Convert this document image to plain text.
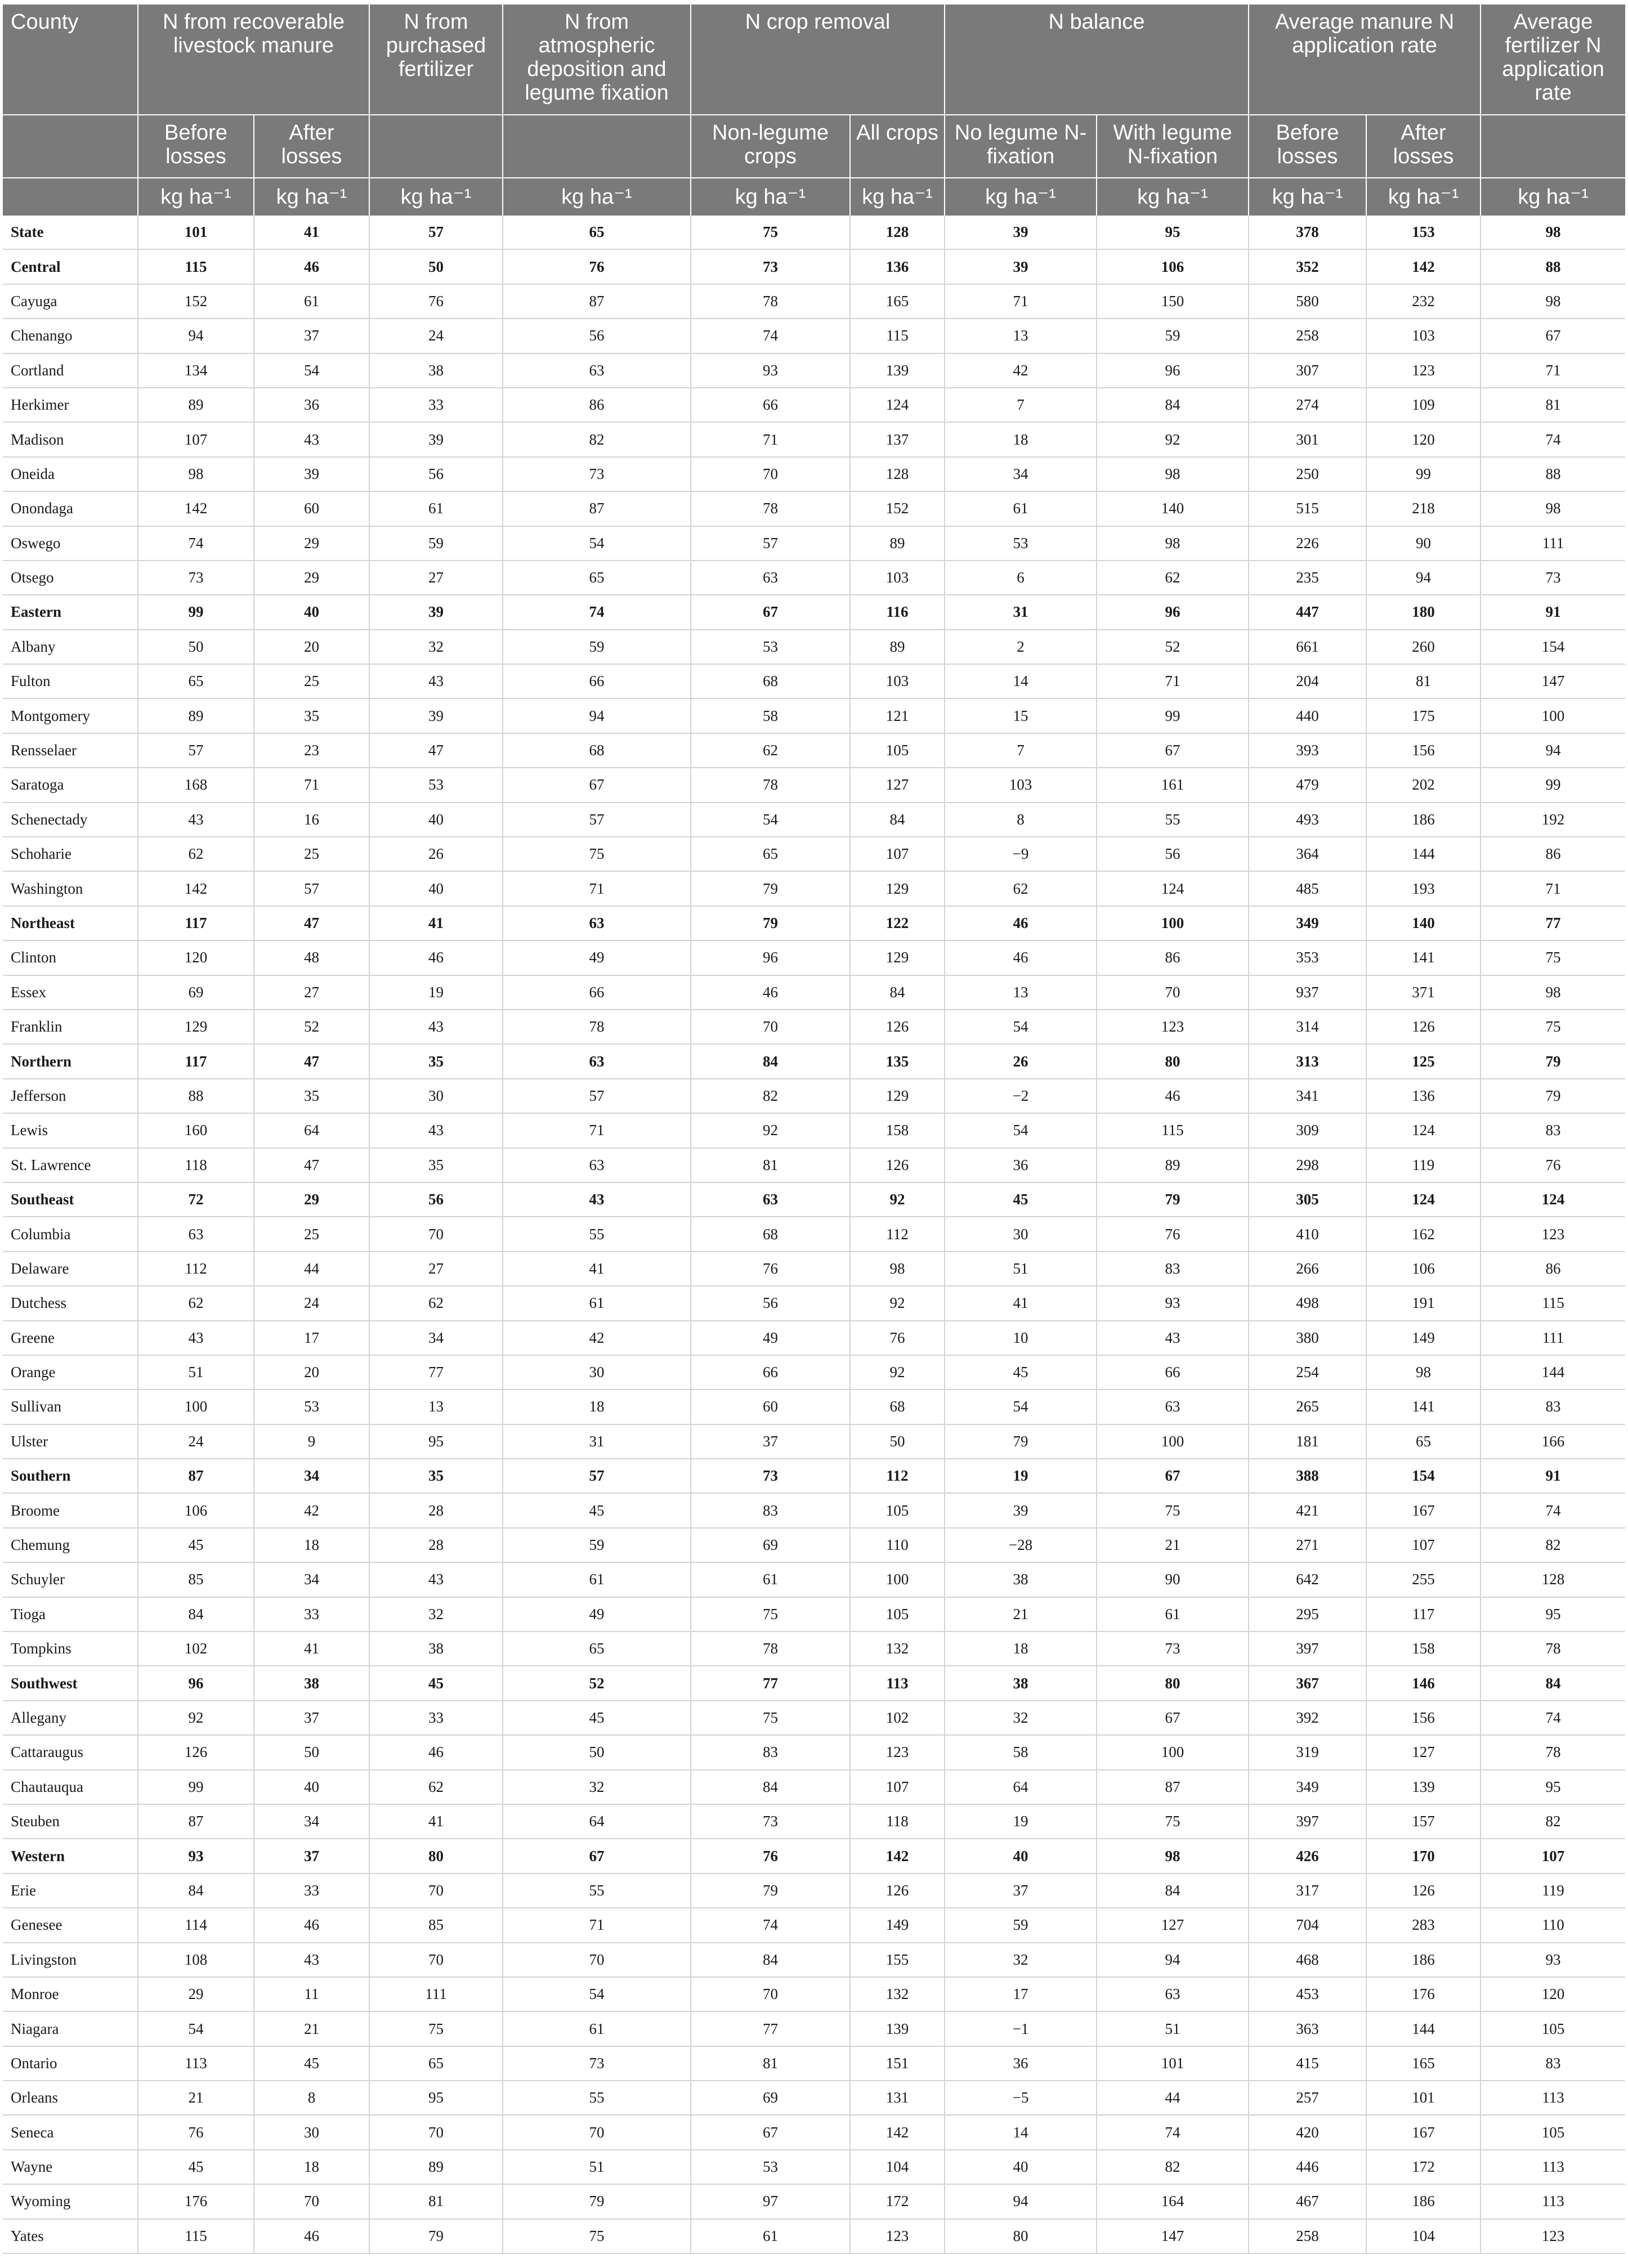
County	N from recoverable livestock manure		N from purchased fertilizer	N from atmospheric deposition and legume fixation	N crop removal		N balance		Average manure N application rate		Average fertilizer N application rate
	Before losses	After losses			Non-legume crops	All crops	No legume N-fixation	With legume N-fixation	Before losses	After losses	
	kg ha⁻¹	kg ha⁻¹	kg ha⁻¹	kg ha⁻¹	kg ha⁻¹	kg ha⁻¹	kg ha⁻¹	kg ha⁻¹	kg ha⁻¹	kg ha⁻¹	kg ha⁻¹
State	101	41	57	65	75	128	39	95	378	153	98
Central	115	46	50	76	73	136	39	106	352	142	88
Cayuga	152	61	76	87	78	165	71	150	580	232	98
Chenango	94	37	24	56	74	115	13	59	258	103	67
Cortland	134	54	38	63	93	139	42	96	307	123	71
Herkimer	89	36	33	86	66	124	7	84	274	109	81
Madison	107	43	39	82	71	137	18	92	301	120	74
Oneida	98	39	56	73	70	128	34	98	250	99	88
Onondaga	142	60	61	87	78	152	61	140	515	218	98
Oswego	74	29	59	54	57	89	53	98	226	90	111
Otsego	73	29	27	65	63	103	6	62	235	94	73
Eastern	99	40	39	74	67	116	31	96	447	180	91
Albany	50	20	32	59	53	89	2	52	661	260	154
Fulton	65	25	43	66	68	103	14	71	204	81	147
Montgomery	89	35	39	94	58	121	15	99	440	175	100
Rensselaer	57	23	47	68	62	105	7	67	393	156	94
Saratoga	168	71	53	67	78	127	103	161	479	202	99
Schenectady	43	16	40	57	54	84	8	55	493	186	192
Schoharie	62	25	26	75	65	107	−9	56	364	144	86
Washington	142	57	40	71	79	129	62	124	485	193	71
Northeast	117	47	41	63	79	122	46	100	349	140	77
Clinton	120	48	46	49	96	129	46	86	353	141	75
Essex	69	27	19	66	46	84	13	70	937	371	98
Franklin	129	52	43	78	70	126	54	123	314	126	75
Northern	117	47	35	63	84	135	26	80	313	125	79
Jefferson	88	35	30	57	82	129	−2	46	341	136	79
Lewis	160	64	43	71	92	158	54	115	309	124	83
St. Lawrence	118	47	35	63	81	126	36	89	298	119	76
Southeast	72	29	56	43	63	92	45	79	305	124	124
Columbia	63	25	70	55	68	112	30	76	410	162	123
Delaware	112	44	27	41	76	98	51	83	266	106	86
Dutchess	62	24	62	61	56	92	41	93	498	191	115
Greene	43	17	34	42	49	76	10	43	380	149	111
Orange	51	20	77	30	66	92	45	66	254	98	144
Sullivan	100	53	13	18	60	68	54	63	265	141	83
Ulster	24	9	95	31	37	50	79	100	181	65	166
Southern	87	34	35	57	73	112	19	67	388	154	91
Broome	106	42	28	45	83	105	39	75	421	167	74
Chemung	45	18	28	59	69	110	−28	21	271	107	82
Schuyler	85	34	43	61	61	100	38	90	642	255	128
Tioga	84	33	32	49	75	105	21	61	295	117	95
Tompkins	102	41	38	65	78	132	18	73	397	158	78
Southwest	96	38	45	52	77	113	38	80	367	146	84
Allegany	92	37	33	45	75	102	32	67	392	156	74
Cattaraugus	126	50	46	50	83	123	58	100	319	127	78
Chautauqua	99	40	62	32	84	107	64	87	349	139	95
Steuben	87	34	41	64	73	118	19	75	397	157	82
Western	93	37	80	67	76	142	40	98	426	170	107
Erie	84	33	70	55	79	126	37	84	317	126	119
Genesee	114	46	85	71	74	149	59	127	704	283	110
Livingston	108	43	70	70	84	155	32	94	468	186	93
Monroe	29	11	111	54	70	132	17	63	453	176	120
Niagara	54	21	75	61	77	139	−1	51	363	144	105
Ontario	113	45	65	73	81	151	36	101	415	165	83
Orleans	21	8	95	55	69	131	−5	44	257	101	113
Seneca	76	30	70	70	67	142	14	74	420	167	105
Wayne	45	18	89	51	53	104	40	82	446	172	113
Wyoming	176	70	81	79	97	172	94	164	467	186	113
Yates	115	46	79	75	61	123	80	147	258	104	123
